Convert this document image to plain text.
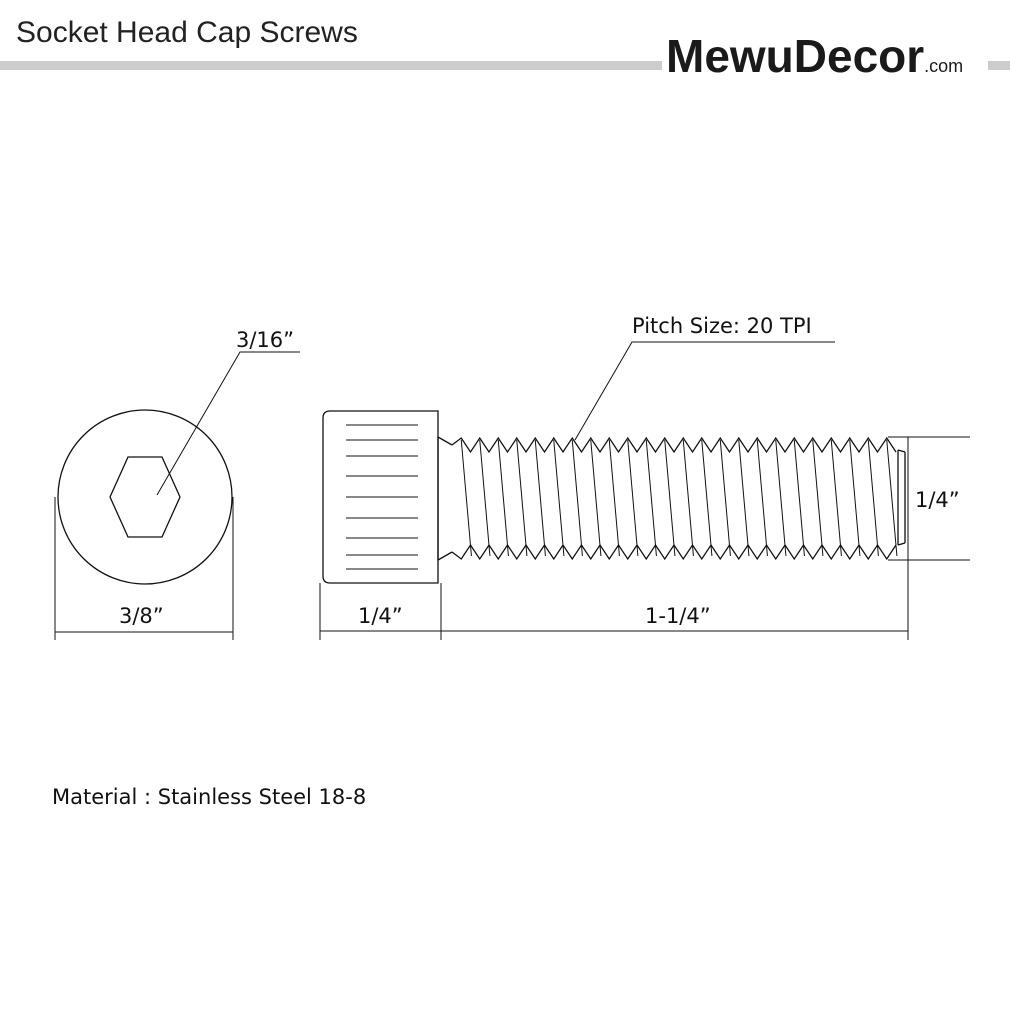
Socket Head Cap Screws	MewuDecor.com
3/16”
3/8”
Pitch Size: 20 TPI
1/4”
1/4”	1-1/4”
Material : Stainless Steel 18-8
